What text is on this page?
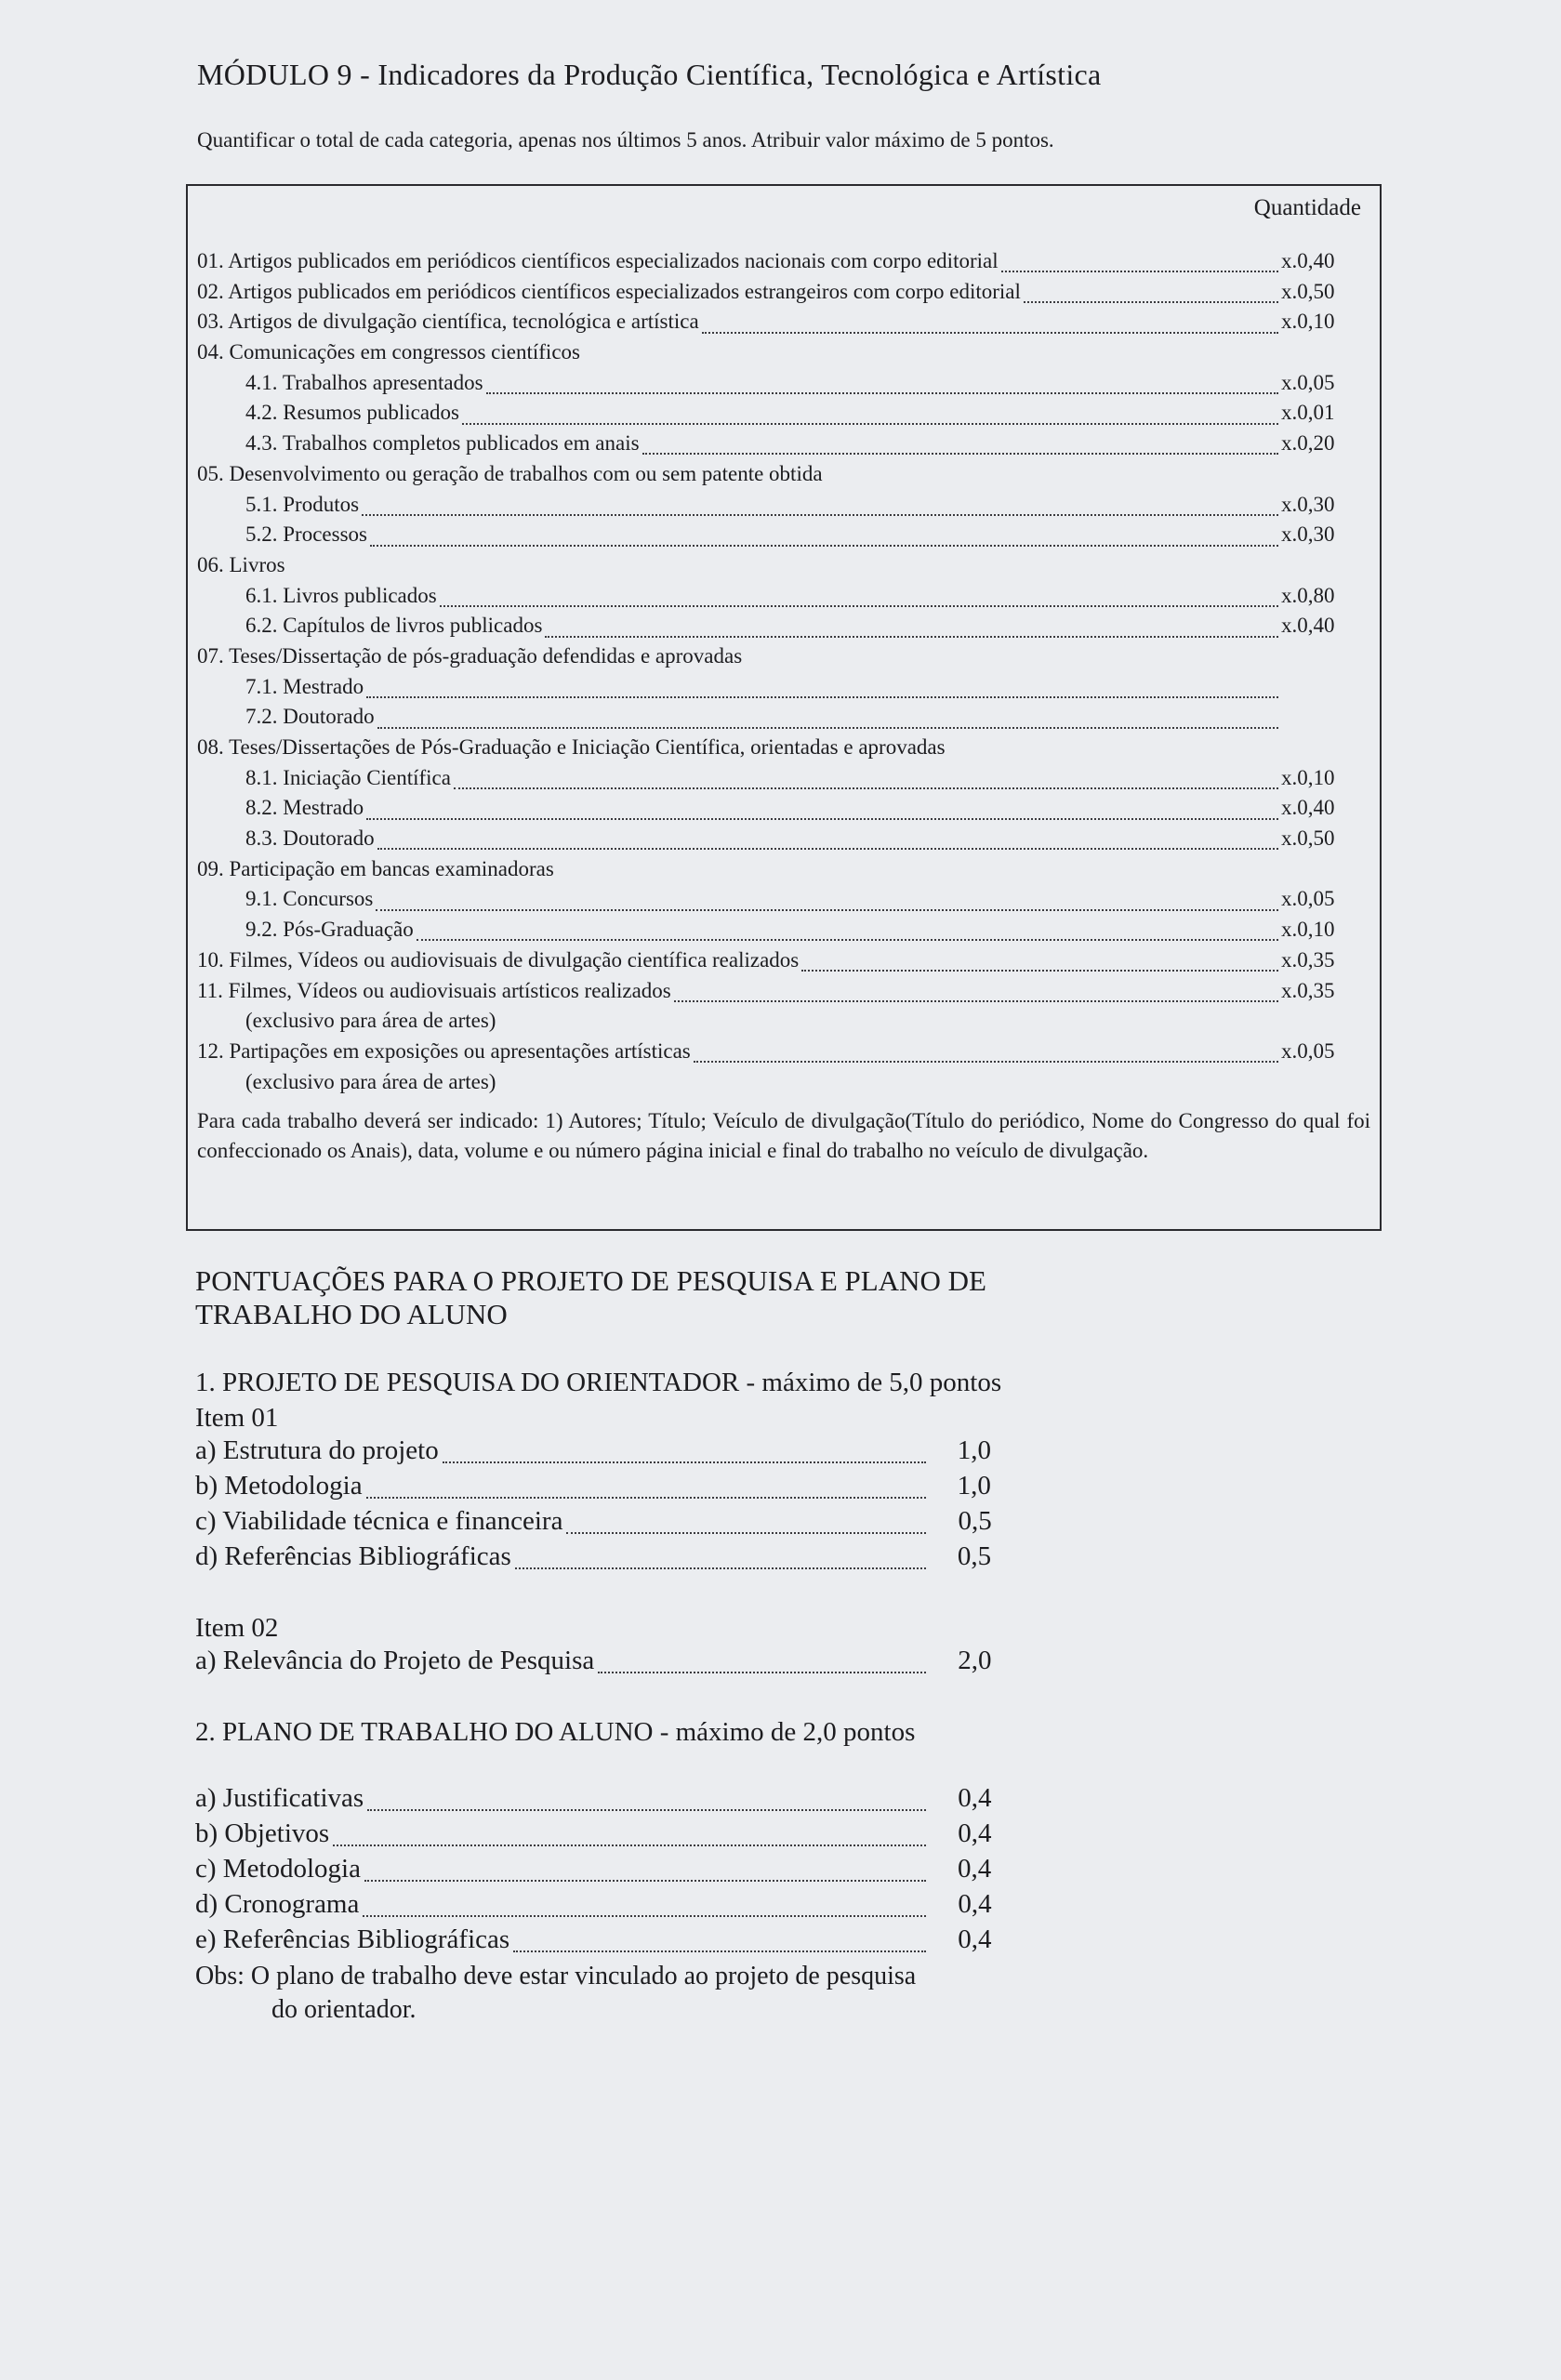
MÓDULO 9 - Indicadores da Produção Científica, Tecnológica e Artística
Quantificar o total de cada categoria, apenas nos últimos 5 anos. Atribuir valor máximo de 5 pontos.
Quantidade
01. Artigos publicados em periódicos científicos especializados nacionais com corpo editorial	x.0,40
02. Artigos publicados em periódicos científicos especializados estrangeiros com corpo editorial	x.0,50
03. Artigos de divulgação científica, tecnológica e artística	x.0,10
04. Comunicações em congressos científicos
4.1. Trabalhos apresentados	x.0,05
4.2. Resumos publicados	x.0,01
4.3. Trabalhos completos publicados em anais	x.0,20
05. Desenvolvimento ou geração de trabalhos com ou sem patente obtida
5.1. Produtos	x.0,30
5.2. Processos	x.0,30
06. Livros
6.1. Livros publicados	x.0,80
6.2. Capítulos de livros publicados	x.0,40
07. Teses/Dissertação de pós-graduação defendidas e aprovadas
7.1. Mestrado
7.2. Doutorado
08. Teses/Dissertações de Pós-Graduação e Iniciação Científica, orientadas e aprovadas
8.1. Iniciação Científica	x.0,10
8.2. Mestrado	x.0,40
8.3. Doutorado	x.0,50
09. Participação em bancas examinadoras
9.1. Concursos	x.0,05
9.2. Pós-Graduação	x.0,10
10. Filmes, Vídeos ou audiovisuais de divulgação científica realizados	x.0,35
11. Filmes, Vídeos ou audiovisuais artísticos realizados	x.0,35
(exclusivo para área de artes)
12. Partipações em exposições ou apresentações artísticas	x.0,05
(exclusivo para área de artes)
Para cada trabalho deverá ser indicado: 1) Autores; Título; Veículo de divulgação(Título do periódico, Nome do Congresso do qual foi confeccionado os Anais), data, volume e ou número página inicial e final do trabalho no veículo de divulgação.
PONTUAÇÕES PARA O PROJETO DE PESQUISA E PLANO DE TRABALHO DO ALUNO
1. PROJETO DE PESQUISA DO ORIENTADOR - máximo de 5,0 pontos
Item 01
a) Estrutura do projeto	1,0
b) Metodologia	1,0
c) Viabilidade técnica e financeira	0,5
d) Referências Bibliográficas	0,5
Item 02
a) Relevância do Projeto de Pesquisa	2,0
2. PLANO DE TRABALHO DO ALUNO - máximo de 2,0 pontos
a) Justificativas	0,4
b) Objetivos	0,4
c) Metodologia	0,4
d) Cronograma	0,4
e) Referências Bibliográficas	0,4
Obs: O plano de trabalho deve estar vinculado ao projeto de pesquisa
do orientador.
